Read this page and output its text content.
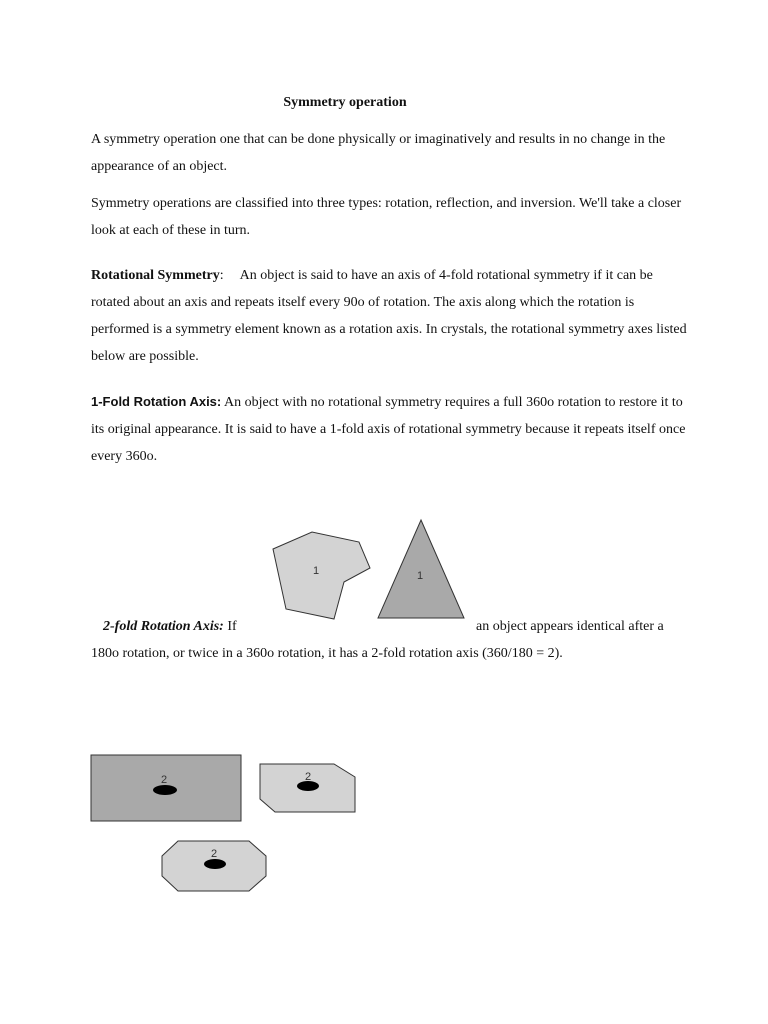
Symmetry operation

A symmetry operation one that can be done physically or imaginatively and results in no change in the appearance of an object.

Symmetry operations are classified into three types: rotation, reflection, and inversion. We'll take a closer look at each of these in turn.

Rotational Symmetry: An object is said to have an axis of 4-fold rotational symmetry if it can be rotated about an axis and repeats itself every 90o of rotation. The axis along which the rotation is performed is a symmetry element known as a rotation axis. In crystals, the rotational symmetry axes listed below are possible.

1-Fold Rotation Axis: An object with no rotational symmetry requires a full 360o rotation to restore it to its original appearance. It is said to have a 1-fold axis of rotational symmetry because it repeats itself once every 360o.

1	1
2-fold Rotation Axis: If	an object appears identical after a
180o rotation, or twice in a 360o rotation, it has a 2-fold rotation axis (360/180 = 2).
2	2
2
